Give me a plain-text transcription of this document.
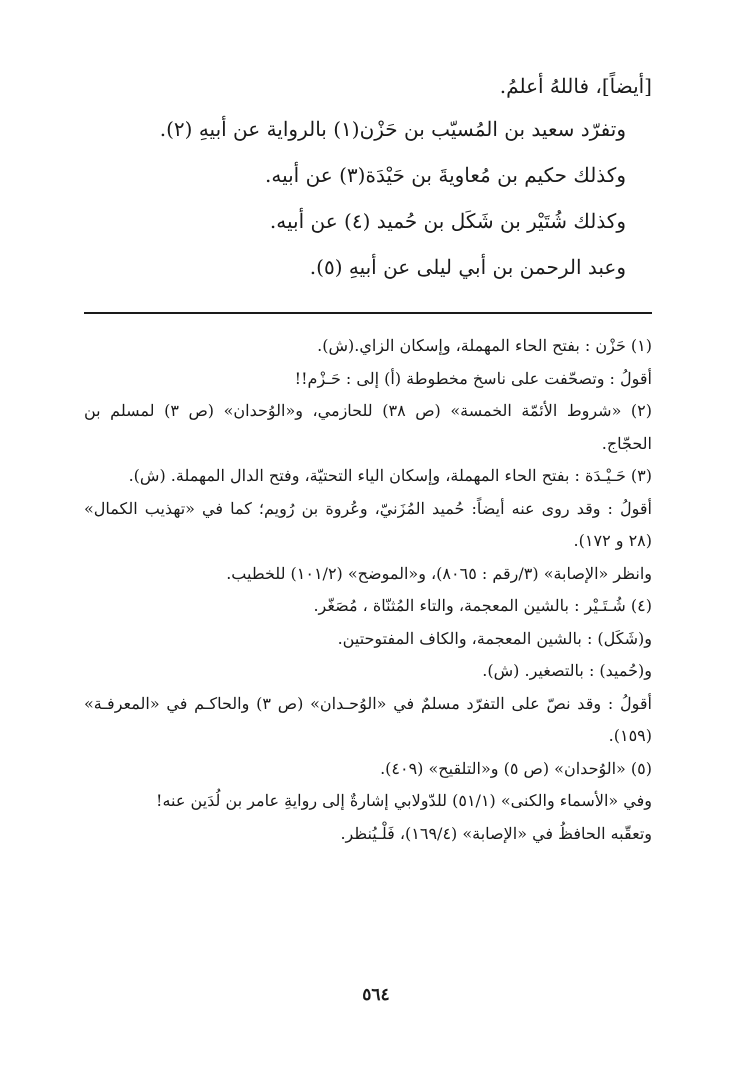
[أيضاً]، فاللهُ أعلمُ.
وتفرّد سعيد بن المُسيّب بن حَزْن(١) بالرواية عن أبيهِ (٢).
وكذلك حكيم بن مُعاويةَ بن حَيْدَة(٣) عن أبيه.
وكذلك شُتَيْر بن شَكَل بن حُميد (٤) عن أبيه.
وعبد الرحمن بن أبي ليلى عن أبيهِ (٥).
(١) حَزْن : بفتح الحاء المهملة، وإسكان الزاي.(ش).
أقولُ : وتصحّفت على ناسخ مخطوطة (أ) إلى : حَـزْم!!
(٢) «شروط الأئمّة الخمسة» (ص ٣٨) للحازمي، و«الوُحدان» (ص ٣) لمسلم بن الحجّاج.
(٣) حَـيْـدَة : بفتح الحاء المهملة، وإسكان الياء التحتيّة، وفتح الدال المهملة. (ش).
أقولُ : وقد روى عنه أيضاً: حُميد المُزَنيّ، وعُروة بن رُويم؛ كما في «تهذيب الكمال» (٢٨ و ١٧٢).
وانظر «الإصابة» (٣/رقم : ٨٠٦٥)، و«الموضح» (١٠١/٢) للخطيب.
(٤) شُـتَـيْر : بالشين المعجمة، والتاء المُثنّاة ، مُصَغّر.
و(شَكَل) : بالشين المعجمة، والكاف المفتوحتين.
و(حُميد) : بالتصغير. (ش).
أقولُ : وقد نصّ على التفرّد مسلمٌ في «الوُحـدان» (ص ٣) والحاكـم في «المعرفـة» (١٥٩).
(٥) «الوُحدان» (ص ٥) و«التلقيح» (٤٠٩).
وفي «الأسماء والكنى» (٥١/١) للدّولابي إشارةٌ إلى روايةِ عامر بن لُدَين عنه!
وتعقّبه الحافظُ في «الإصابة» (١٦٩/٤)، فَلْـيُنظر.
٥٦٤
